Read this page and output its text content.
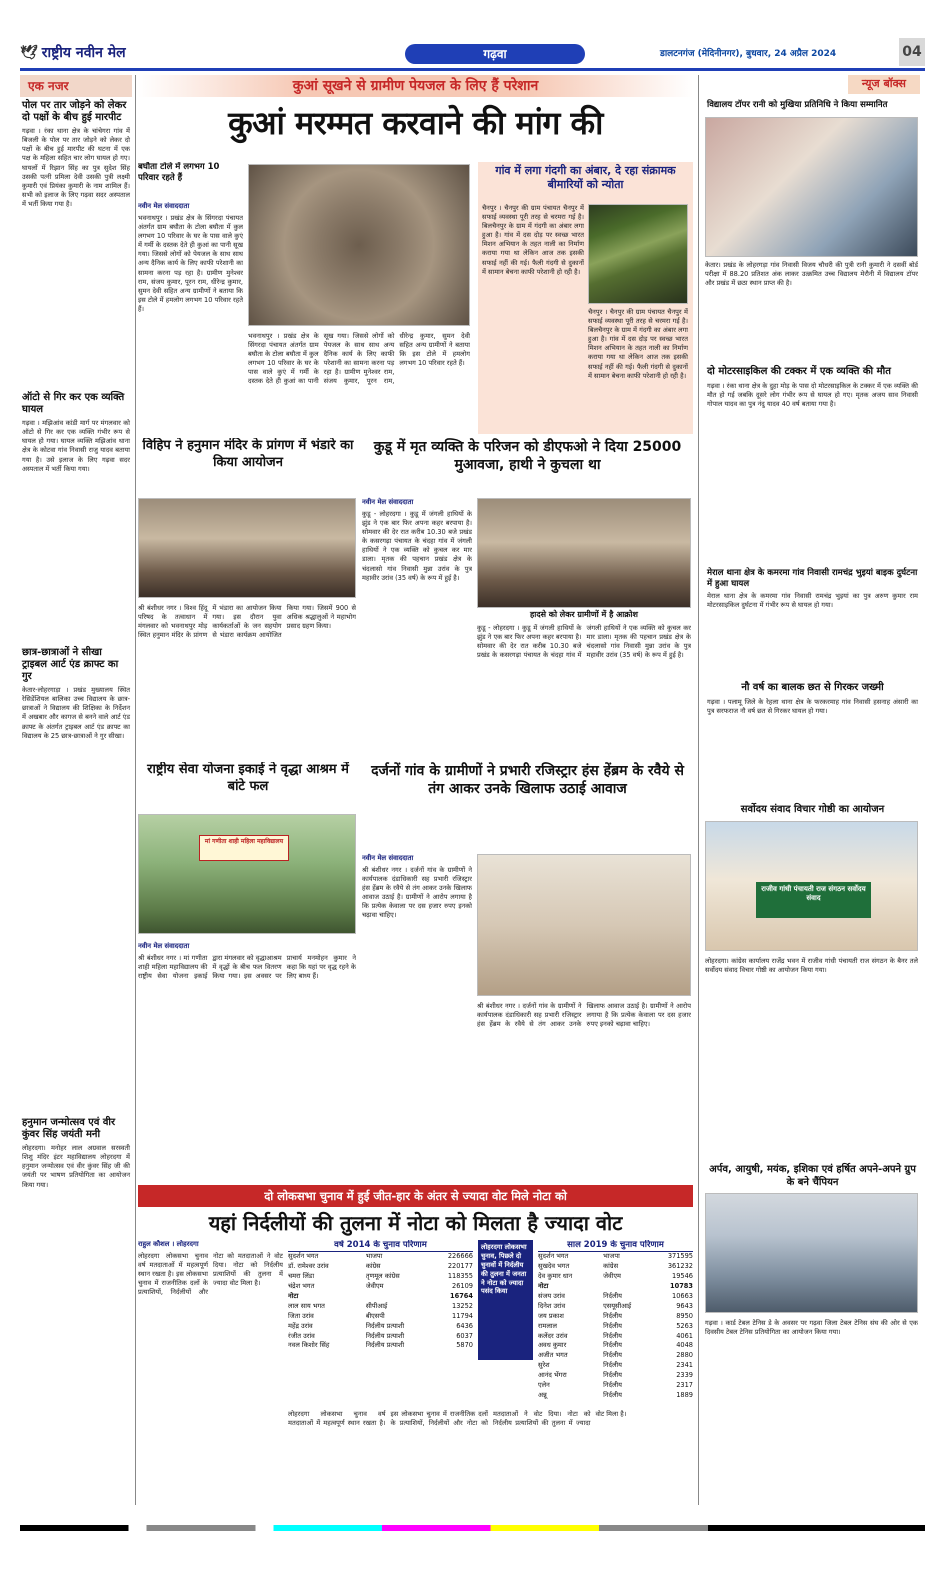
🕊 राष्ट्रीय नवीन मेल	गढ़वा	डालटनगंज (मेदिनीनगर), बुधवार, 24 अप्रैल 2024	04
एक नजर
पोल पर तार जोड़ने को लेकर दो पक्षों के बीच हुई मारपीट
गढ़वा । रंका थाना क्षेत्र के चांचेगरा गांव में बिजली के पोल पर तार जोड़ने को लेकर दो पक्षों के बीच हुई मारपीट की घटना में एक पक्ष के महिला सहित चार लोग घायल हो गए। घायलों में रिझान सिंह का पुत्र सुदेश सिंह उसकी पत्नी प्रमिला देवी उसकी पुत्री लक्ष्मी कुमारी एवं प्रियंका कुमारी के नाम शामिल हैं। सभी को इलाज के लिए गढ़वा सदर अस्पताल में भर्ती किया गया है।
ऑटो से गिर कर एक व्यक्ति घायल
गढ़वा । मझिआंव कांडी मार्ग पर मंगलवार को ऑटो से गिर कर एक व्यक्ति गंभीर रूप से घायल हो गया। घायल व्यक्ति मझिआंव थाना क्षेत्र के कोटवा गांव निवासी राजु यादव बताया गया है। उसे इलाज के लिए गढ़वा सदर अस्पताल में भर्ती किया गया।
छात्र-छात्राओं ने सीखा ट्राइबल आर्ट एंड क्राफ्ट का गुर
केतार-लोहरगाड़ा । प्रखंड मुख्यालय स्थित रेसिडेंशियल बालिका उच्च विद्यालय के छात्र-छात्राओं ने विद्यालय की शिक्षिका के निर्देशन में अखबार और कागज से बनने वाले आर्ट एंड क्राफ्ट के अंतर्गत ट्राइबल आर्ट एंड क्राफ्ट का विद्यालय के 25 छात्र-छात्राओं ने गुर सीखा।
हनुमान जन्मोत्सव एवं वीर कुंवर सिंह जयंती मनी
लोहरदगा। मनोहर लाल अग्रवाल सरस्वती शिशु मंदिर इंटर महाविद्यालय लोहरदगा में हनुमान जन्मोत्सव एवं वीर कुंवर सिंह जी की जयंती पर भाषण प्रतियोगिता का आयोजन किया गया।
कुआं सूखने से ग्रामीण पेयजल के लिए हैं परेशान
कुआं मरम्मत करवाने की मांग की
बघौता टोले में लगभग 10 परिवार रहते हैं
नवीन मेल संवाददाता
भवनाथपुर । प्रखंड क्षेत्र के सिंगरदा पंचायत अंतर्गत ग्राम बघौता के टोला बघौता में कुल लगभग 10 परिवार के घर के पास वाले कुएं में गर्मी के दस्तक देते ही कुआं का पानी सूख गया। जिससे लोगों को पेयजल के साथ साथ अन्य दैनिक कार्य के लिए काफी परेशानी का सामना करना पड़ रहा है। ग्रामीण मुनेश्वर राम, संजय कुमार, पूरन राम, धीरेन्द्र कुमार, सुमन देवी सहित अन्य ग्रामीणों ने बताया कि इस टोले में हमलोग लगभग 10 परिवार रहते हैं।
भवनाथपुर । प्रखंड क्षेत्र के सिंगरदा पंचायत अंतर्गत ग्राम बघौता के टोला बघौता में कुल लगभग 10 परिवार के घर के पास वाले कुएं में गर्मी के दस्तक देते ही कुआं का पानी सूख गया। जिससे लोगों को पेयजल के साथ साथ अन्य दैनिक कार्य के लिए काफी परेशानी का सामना करना पड़ रहा है। ग्रामीण मुनेश्वर राम, संजय कुमार, पूरन राम, धीरेन्द्र कुमार, सुमन देवी सहित अन्य ग्रामीणों ने बताया कि इस टोले में हमलोग लगभग 10 परिवार रहते हैं।
गांव में लगा गंदगी का अंबार, दे रहा संक्रामक बीमारियों को न्योता
चैनपुर । चैनपुर की ग्राम पंचायत चैनपुर में सफाई व्यवस्था पूरी तरह से चरमरा गई है। बिलचैनपुर के ग्राम में गंदगी का अंबार लगा हुआ है। गांव में दस दोड़ पर स्वच्छ भारत मिशन अभियान के तहत नाली का निर्माण कराया गया था लेकिन आज तक इसकी सफाई नहीं की गई। फैली गंदगी से दुकानों में सामान बेचना काफी परेशानी हो रही है।
चैनपुर । चैनपुर की ग्राम पंचायत चैनपुर में सफाई व्यवस्था पूरी तरह से चरमरा गई है। बिलचैनपुर के ग्राम में गंदगी का अंबार लगा हुआ है। गांव में दस दोड़ पर स्वच्छ भारत मिशन अभियान के तहत नाली का निर्माण कराया गया था लेकिन आज तक इसकी सफाई नहीं की गई। फैली गंदगी से दुकानों में सामान बेचना काफी परेशानी हो रही है।
विहिप ने हनुमान मंदिर के प्रांगण में भंडारे का किया आयोजन
श्री बंशीधर नगर । विश्व हिंदू परिषद के तत्वाधान में मंगलवार को भवनाथपुर मोड़ स्थित हनुमान मंदिर के प्रांगण में भंडारा का आयोजन किया गया। इस दौरान युवा कार्यकर्ताओं के जन सहयोग से भंडारा कार्यक्रम आयोजित किया गया। जिसमें 900 से अधिक श्रद्धालुओं ने महाभोग प्रसाद ग्रहण किया।
कुडू में मृत व्यक्ति के परिजन को डीएफओ ने दिया 25000 मुआवजा, हाथी ने कुचला था
नवीन मेल संवाददाता
कुडू - लोहरदगा । कुडू में जंगली हाथियों के झुंड ने एक बार फिर अपना कहर बरपाया है। सोमवार की देर रात करीब 10.30 बजे प्रखंड के कसरगढ़ा पंचायत के चंदहा गांव में जंगली हाथियों ने एक व्यक्ति को कुचल कर मार डाला। मृतक की पहचान प्रखंड क्षेत्र के चंदलासो गांव निवासी मुन्ना उरांव के पुत्र महावीर उरांव (35 वर्ष) के रूप में हुई है।
हादसे को लेकर ग्रामीणों में है आक्रोश
कुडू - लोहरदगा । कुडू में जंगली हाथियों के झुंड ने एक बार फिर अपना कहर बरपाया है। सोमवार की देर रात करीब 10.30 बजे प्रखंड के कसरगढ़ा पंचायत के चंदहा गांव में जंगली हाथियों ने एक व्यक्ति को कुचल कर मार डाला। मृतक की पहचान प्रखंड क्षेत्र के चंदलासो गांव निवासी मुन्ना उरांव के पुत्र महावीर उरांव (35 वर्ष) के रूप में हुई है।
राष्ट्रीय सेवा योजना इकाई ने वृद्धा आश्रम में बांटे फल
मां गणीता शाही महिला महाविद्यालय
नवीन मेल संवाददाता
श्री बंशीधर नगर । मां गणीता शाही महिला महाविद्यालय की राष्ट्रीय सेवा योजना इकाई द्वारा मंगलवार को वृद्धाआश्रम में वृद्धों के बीच फल वितरण किया गया। इस अवसर पर प्राचार्य मनमोहन कुमार ने कहा कि यहां पर वृद्ध रहने के लिए बाध्य हैं।
दर्जनों गांव के ग्रामीणों ने प्रभारी रजिस्ट्रार हंस हेंब्रम के रवैये से तंग आकर उनके खिलाफ उठाई आवाज
नवीन मेल संवाददाता
श्री बंशीधर नगर । दर्जनों गांव के ग्रामीणों ने कार्यपालक दंडाधिकारी सह प्रभारी रजिस्ट्रार हंस हेंब्रम के रवैये से तंग आकर उनके खिलाफ आवाज उठाई है। ग्रामीणों ने आरोप लगाया है कि प्रत्येक केवाला पर दस हजार रुपए इनको चढ़ावा चाहिए।
श्री बंशीधर नगर । दर्जनों गांव के ग्रामीणों ने कार्यपालक दंडाधिकारी सह प्रभारी रजिस्ट्रार हंस हेंब्रम के रवैये से तंग आकर उनके खिलाफ आवाज उठाई है। ग्रामीणों ने आरोप लगाया है कि प्रत्येक केवाला पर दस हजार रुपए इनको चढ़ावा चाहिए।
दो लोकसभा चुनाव में हुई जीत-हार के अंतर से ज्यादा वोट मिले नोटा को
यहां निर्दलीयों की तुलना में नोटा को मिलता है ज्यादा वोट
राहुल कौशल । लोहरदगा
लोहरदगा लोकसभा चुनाव वर्ष मतदाताओं में महत्वपूर्ण स्थान रखता है। इस लोकसभा चुनाव में राजनीतिक दलों के प्रत्याशियों, निर्दलीयों और नोटा को मतदाताओं ने वोट दिया। नोटा को निर्दलीय प्रत्याशियों की तुलना में ज्यादा वोट मिला है।
वर्ष 2014 के चुनाव परिणाम
सुदर्शन भगत	भाजपा	226666
डॉ. रामेश्वर उरांव	कांग्रेस	220177
चमरा लिंडा	तृणमूल कांग्रेस	118355
चंद्रेश भगत	जेवीएम	26109
नोटा	16764
लाल साय भगत	सीपीआई	13252
जिता उरांव	बीएसपी	11794
महेंद्र उरांव	निर्दलीय प्रत्याशी	6436
रंजीत उरांव	निर्दलीय प्रत्याशी	6037
नवल किशोर सिंह	निर्दलीय प्रत्याशी	5870
लोहरदगा लोकसभा चुनाव, पिछले दो चुनावों में निर्दलीय की तुलना में जनता ने नोटा को ज्यादा पसंद किया
साल 2019 के चुनाव परिणाम
सुदर्शन भगत	भाजपा	371595
सुखदेव भगत	कांग्रेस	361232
देव कुमार धान	जेवीएम	19546
नोटा	10783
संजय उरांव	निर्दलीय	10663
दिनेश उरांव	एसयूसीआई	9643
जय प्रकाश	निर्दलीय	8950
रामलाल	निर्दलीय	5263
कलेंदर उरांव	निर्दलीय	4061
अवध कुमार	निर्दलीय	4048
अजीत भगत	निर्दलीय	2880
सुरेश	निर्दलीय	2341
आनंद भेंगरा	निर्दलीय	2339
एलेन	निर्दलीय	2317
अन्नू	निर्दलीय	1889
लोहरदगा लोकसभा चुनाव वर्ष मतदाताओं में महत्वपूर्ण स्थान रखता है। इस लोकसभा चुनाव में राजनीतिक दलों के प्रत्याशियों, निर्दलीयों और नोटा को मतदाताओं ने वोट दिया। नोटा को निर्दलीय प्रत्याशियों की तुलना में ज्यादा वोट मिला है।
न्यूज बॉक्स
विद्यालय टॉपर रानी को मुखिया प्रतिनिधि ने किया सम्मानित
केतार। प्रखंड के लोहरगड़ा गांव निवासी विजय चौधरी की पुत्री रानी कुमारी ने दसवीं बोर्ड परीक्षा में 88.20 प्रतिशत अंक लाकर उत्क्रमित उच्च विद्यालय मेरौनी में विद्यालय टॉपर और प्रखंड में छठा स्थान प्राप्त की है।
दो मोटरसाइकिल की टक्कर में एक व्यक्ति की मौत
गढ़वा । रंका थाना क्षेत्र के दुहा मोड़ के पास दो मोटरसाइकिल के टक्कर में एक व्यक्ति की मौत हो गई जबकि दूसरे लोग गंभीर रूप से घायल हो गए। मृतक अजय साव निवासी गोपाल यादव का पुत्र नंदु यादव 40 वर्ष बताया गया है।
मेराल थाना क्षेत्र के कमरमा गांव निवासी रामचंद्र भुइयां बाइक दुर्घटना में हुआ घायल
मेराल थाना क्षेत्र के कमरमा गांव निवासी रामचंद्र भुइयां का पुत्र अरुण कुमार राम मोटरसाइकिल दुर्घटना में गंभीर रूप से घायल हो गया।
नौ वर्ष का बालक छत से गिरकर जख्मी
गढ़वा । पलामू जिले के रेहला थाना क्षेत्र के फरकरमाह गांव निवासी हसनाह अंसारी का पुत्र सरफराज नौ वर्ष छत से गिरकर घायल हो गया।
सर्वोदय संवाद विचार गोष्ठी का आयोजन
राजीव गांधी पंचायती राज संगठन सर्वोदय संवाद
लोहरदगा। कांग्रेस कार्यालय राजेंद्र भवन में राजीव गांधी पंचायती राज संगठन के बैनर तले सर्वोदय संवाद विचार गोष्ठी का आयोजन किया गया।
अर्पव, आयुषी, मयंक, इशिका एवं हर्षित अपने-अपने ग्रुप के बने चैंपियन
गढ़वा । कार्ड टेबल टेनिस डे के अवसर पर गढ़वा जिला टेबल टेनिस संघ की ओर से एक दिवसीय टेबल टेनिस प्रतियोगिता का आयोजन किया गया।
